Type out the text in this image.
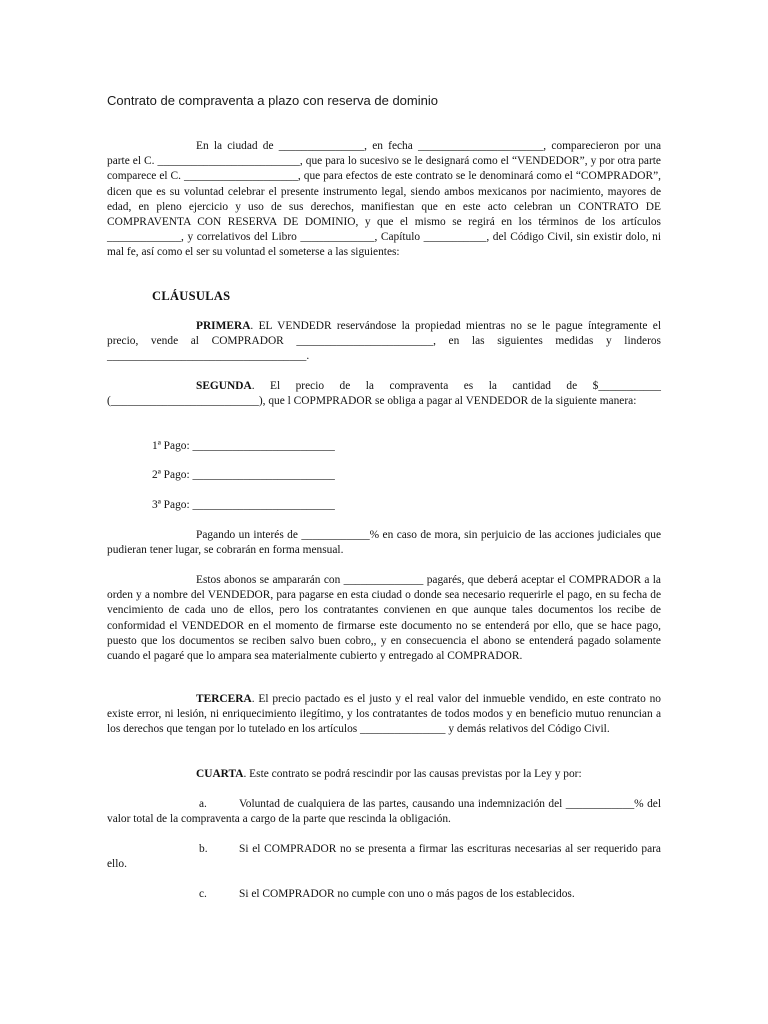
Contrato de compraventa a plazo con reserva de dominio

En la ciudad de _______________, en fecha ______________________, comparecieron por una parte el C. _________________________, que para lo sucesivo se le designará como el “VENDEDOR”, y por otra parte comparece el C. ____________________, que para efectos de este contrato se le denominará como el “COMPRADOR”, dicen que es su voluntad celebrar el presente instrumento legal, siendo ambos mexicanos por nacimiento, mayores de edad, en pleno ejercicio y uso de sus derechos, manifiestan que en este acto celebran un CONTRATO DE COMPRAVENTA CON RESERVA DE DOMINIO, y que el mismo se regirá en los términos de los artículos _____________, y correlativos del Libro _____________, Capítulo ___________, del Código Civil, sin existir dolo, ni mal fe, así como el ser su voluntad el someterse a las siguientes:

CLÁUSULAS

PRIMERA. EL VENDEDR reservándose la propiedad mientras no se le pague íntegramente el precio, vende al COMPRADOR ________________________, en las siguientes medidas y linderos ___________________________________.

SEGUNDA. El precio de la compraventa es la cantidad de $___________ (__________________________), que l COPMPRADOR se obliga a pagar al VENDEDOR de la siguiente manera:

1ª Pago: _________________________
2ª Pago: _________________________
3ª Pago: _________________________

Pagando un interés de ____________% en caso de mora, sin perjuicio de las acciones judiciales que pudieran tener lugar, se cobrarán en forma mensual.

Estos abonos se ampararán con ______________ pagarés, que deberá aceptar el COMPRADOR a la orden y a nombre del VENDEDOR, para pagarse en esta ciudad o donde sea necesario requerirle el pago, en su fecha de vencimiento de cada uno de ellos, pero los contratantes convienen en que aunque tales documentos los recibe de conformidad el VENDEDOR en el momento de firmarse este documento no se entenderá por ello, que se hace pago, puesto que los documentos se reciben salvo buen cobro,, y en consecuencia el abono se entenderá pagado solamente cuando el pagaré que lo ampara sea materialmente cubierto y entregado al COMPRADOR.

TERCERA. El precio pactado es el justo y el real valor del inmueble vendido, en este contrato no existe error, ni lesión, ni enriquecimiento ilegítimo, y los contratantes de todos modos y en beneficio mutuo renuncian a los derechos que tengan por lo tutelado en los artículos _______________ y demás relativos del Código Civil.

CUARTA. Este contrato se podrá rescindir por las causas previstas por la Ley y por:

a.	Voluntad de cualquiera de las partes, causando una indemnización del ____________% del valor total de la compraventa a cargo de la parte que rescinda la obligación.
b.	Si el COMPRADOR no se presenta a firmar las escrituras necesarias al ser requerido para ello.
c.	Si el COMPRADOR no cumple con uno o más pagos de los establecidos.
